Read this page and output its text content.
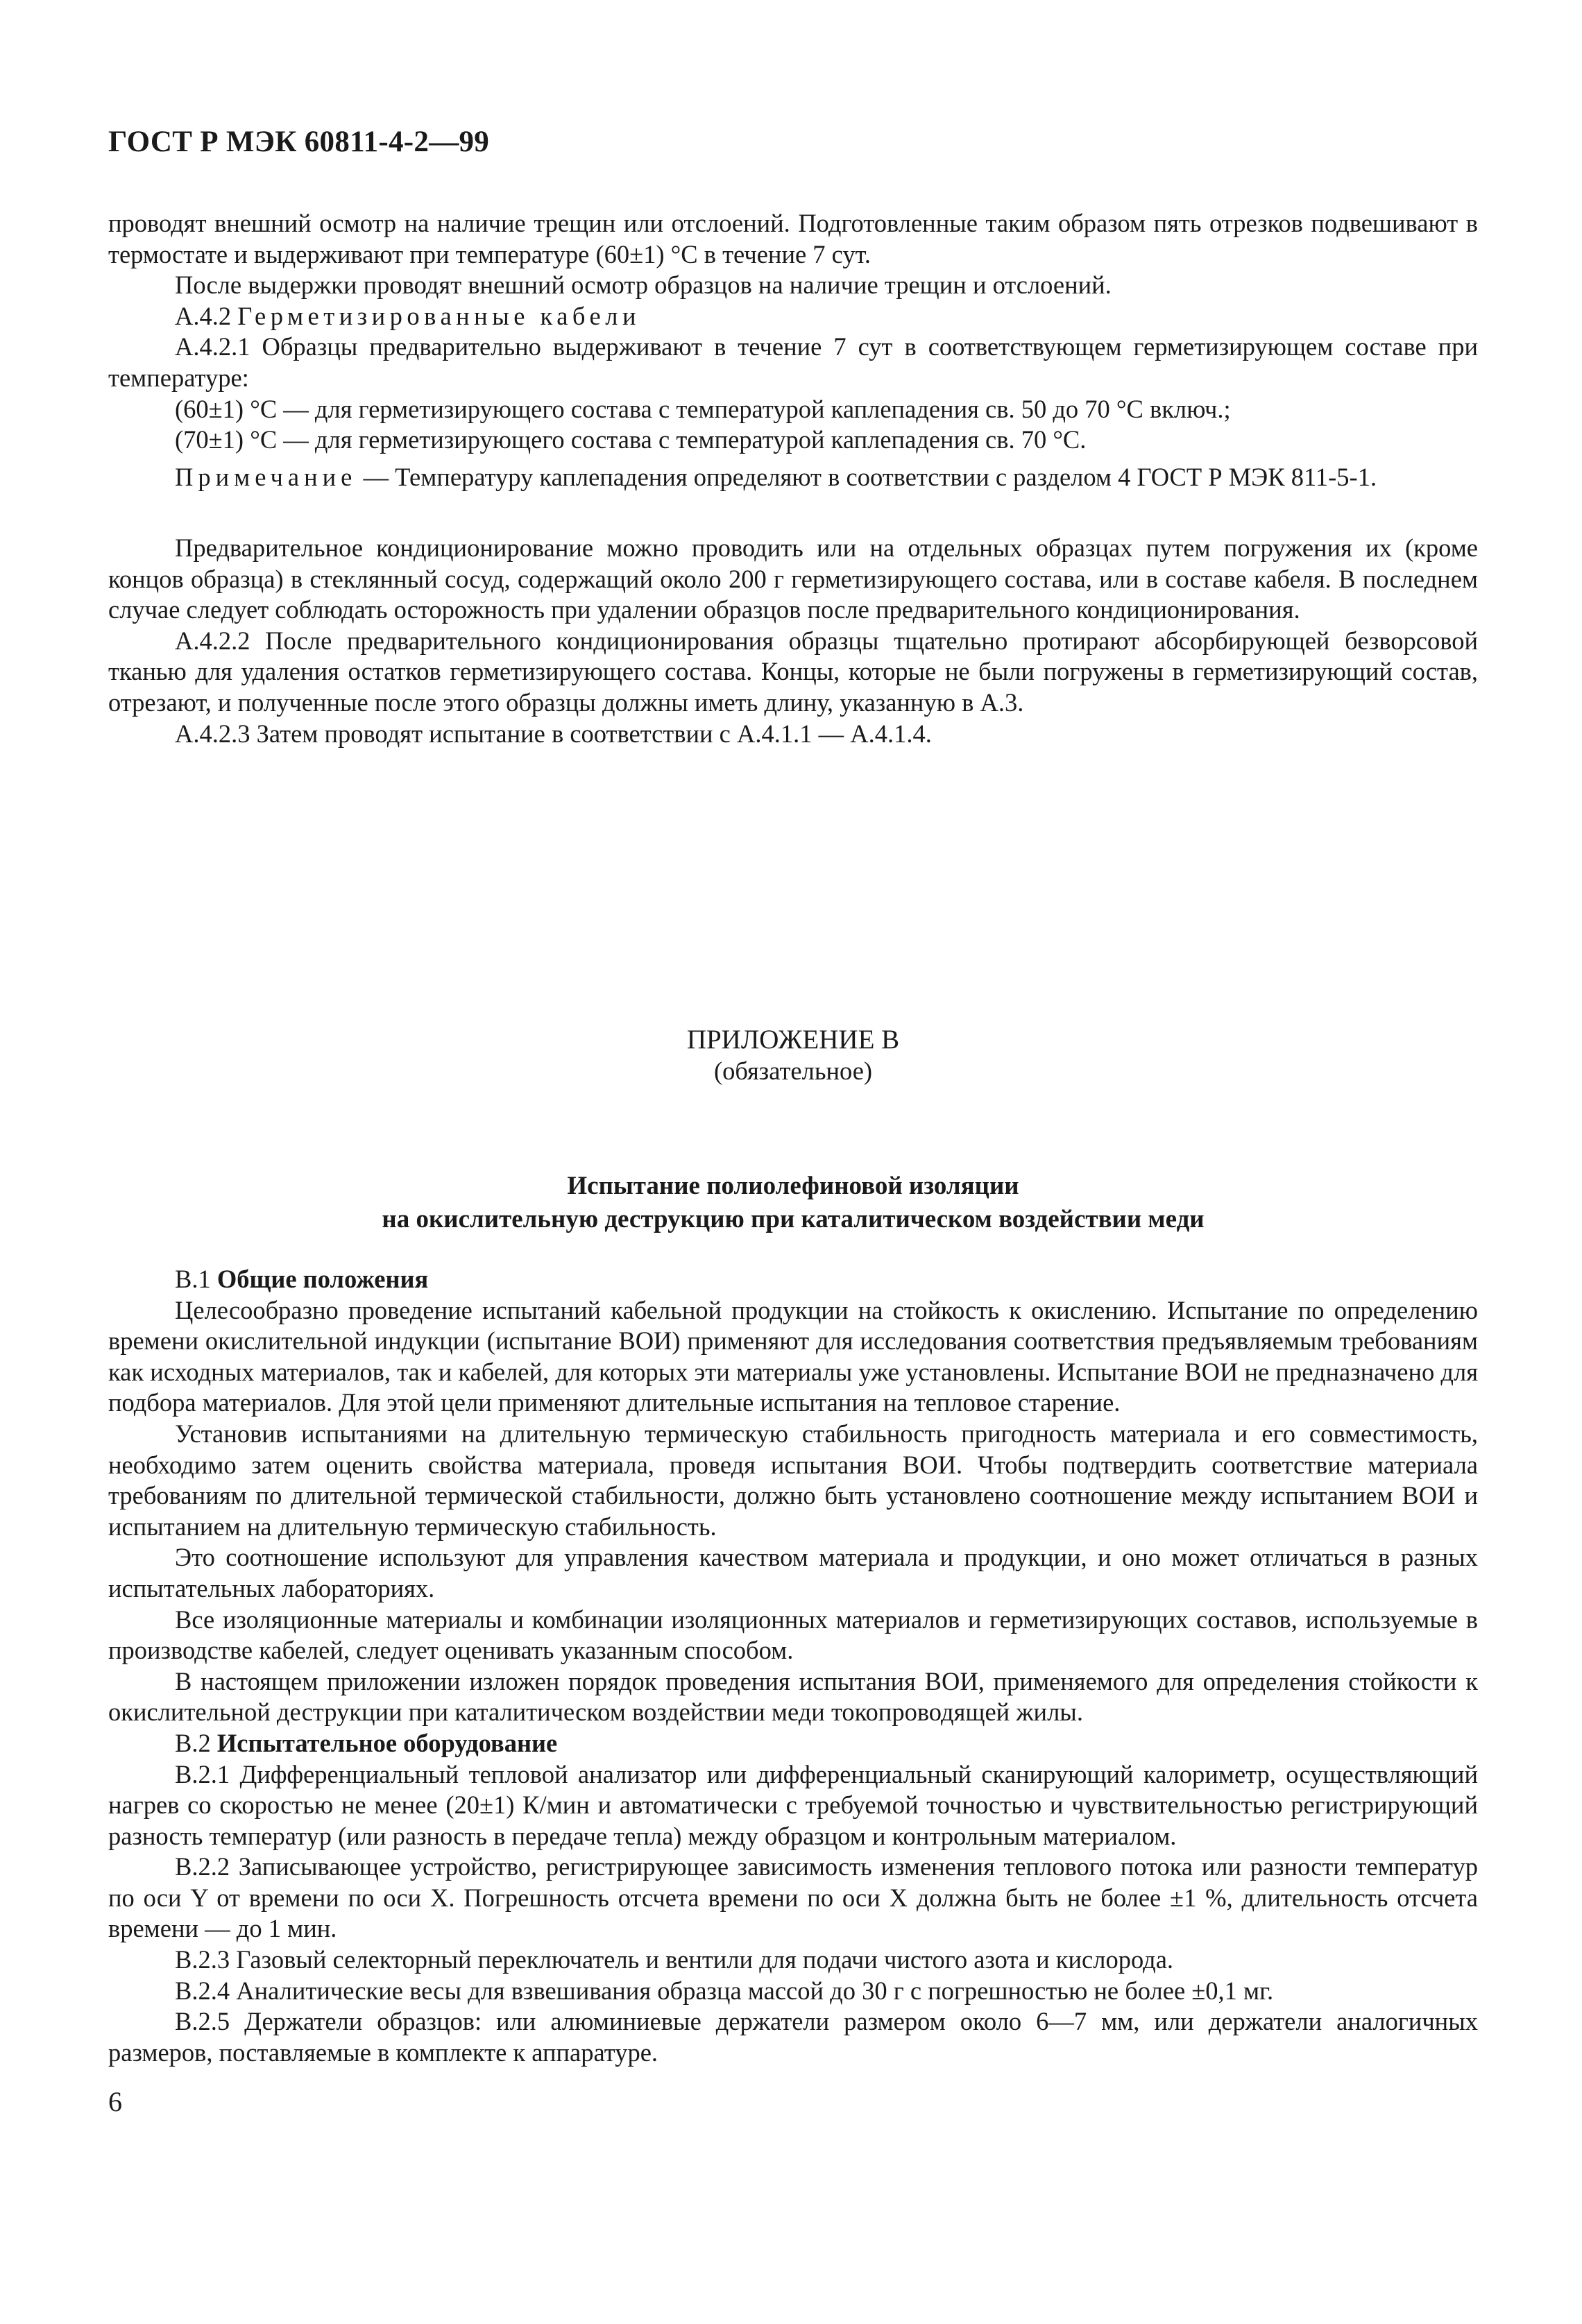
ГОСТ Р МЭК 60811-4-2—99

проводят внешний осмотр на наличие трещин или отслоений. Подготовленные таким образом пять отрезков подвешивают в термостате и выдерживают при температуре (60±1) °С в течение 7 сут.

После выдержки проводят внешний осмотр образцов на наличие трещин и отслоений.

А.4.2 Герметизированные кабели

А.4.2.1 Образцы предварительно выдерживают в течение 7 сут в соответствующем герметизирующем составе при температуре:

(60±1) °С — для герметизирующего состава с температурой каплепадения св. 50 до 70 °С включ.;

(70±1) °С — для герметизирующего состава с температурой каплепадения св. 70 °С.

Примечание — Температуру каплепадения определяют в соответствии с разделом 4 ГОСТ Р МЭК 811-5-1.

Предварительное кондиционирование можно проводить или на отдельных образцах путем погружения их (кроме концов образца) в стеклянный сосуд, содержащий около 200 г герметизирующего состава, или в составе кабеля. В последнем случае следует соблюдать осторожность при удалении образцов после предварительного кондиционирования.

А.4.2.2 После предварительного кондиционирования образцы тщательно протирают абсорбирующей безворсовой тканью для удаления остатков герметизирующего состава. Концы, которые не были погружены в герметизирующий состав, отрезают, и полученные после этого образцы должны иметь длину, указанную в А.3.

А.4.2.3 Затем проводят испытание в соответствии с А.4.1.1 — А.4.1.4.

ПРИЛОЖЕНИЕ В
(обязательное)
Испытание полиолефиновой изоляции
на окислительную деструкцию при каталитическом воздействии меди

В.1 Общие положения

Целесообразно проведение испытаний кабельной продукции на стойкость к окислению. Испытание по определению времени окислительной индукции (испытание ВОИ) применяют для исследования соответствия предъявляемым требованиям как исходных материалов, так и кабелей, для которых эти материалы уже установлены. Испытание ВОИ не предназначено для подбора материалов. Для этой цели применяют длительные испытания на тепловое старение.

Установив испытаниями на длительную термическую стабильность пригодность материала и его совместимость, необходимо затем оценить свойства материала, проведя испытания ВОИ. Чтобы подтвердить соответствие материала требованиям по длительной термической стабильности, должно быть установлено соотношение между испытанием ВОИ и испытанием на длительную термическую стабильность.

Это соотношение используют для управления качеством материала и продукции, и оно может отличаться в разных испытательных лабораториях.

Все изоляционные материалы и комбинации изоляционных материалов и герметизирующих составов, используемые в производстве кабелей, следует оценивать указанным способом.

В настоящем приложении изложен порядок проведения испытания ВОИ, применяемого для определения стойкости к окислительной деструкции при каталитическом воздействии меди токопроводящей жилы.

В.2 Испытательное оборудование

В.2.1 Дифференциальный тепловой анализатор или дифференциальный сканирующий калориметр, осуществляющий нагрев со скоростью не менее (20±1) К/мин и автоматически с требуемой точностью и чувствительностью регистрирующий разность температур (или разность в передаче тепла) между образцом и контрольным материалом.

В.2.2 Записывающее устройство, регистрирующее зависимость изменения теплового потока или разности температур по оси Y от времени по оси X. Погрешность отсчета времени по оси X должна быть не более ±1 %, длительность отсчета времени — до 1 мин.

В.2.3 Газовый селекторный переключатель и вентили для подачи чистого азота и кислорода.

В.2.4 Аналитические весы для взвешивания образца массой до 30 г с погрешностью не более ±0,1 мг.

В.2.5 Держатели образцов: или алюминиевые держатели размером около 6—7 мм, или держатели аналогичных размеров, поставляемые в комплекте к аппаратуре.

6
